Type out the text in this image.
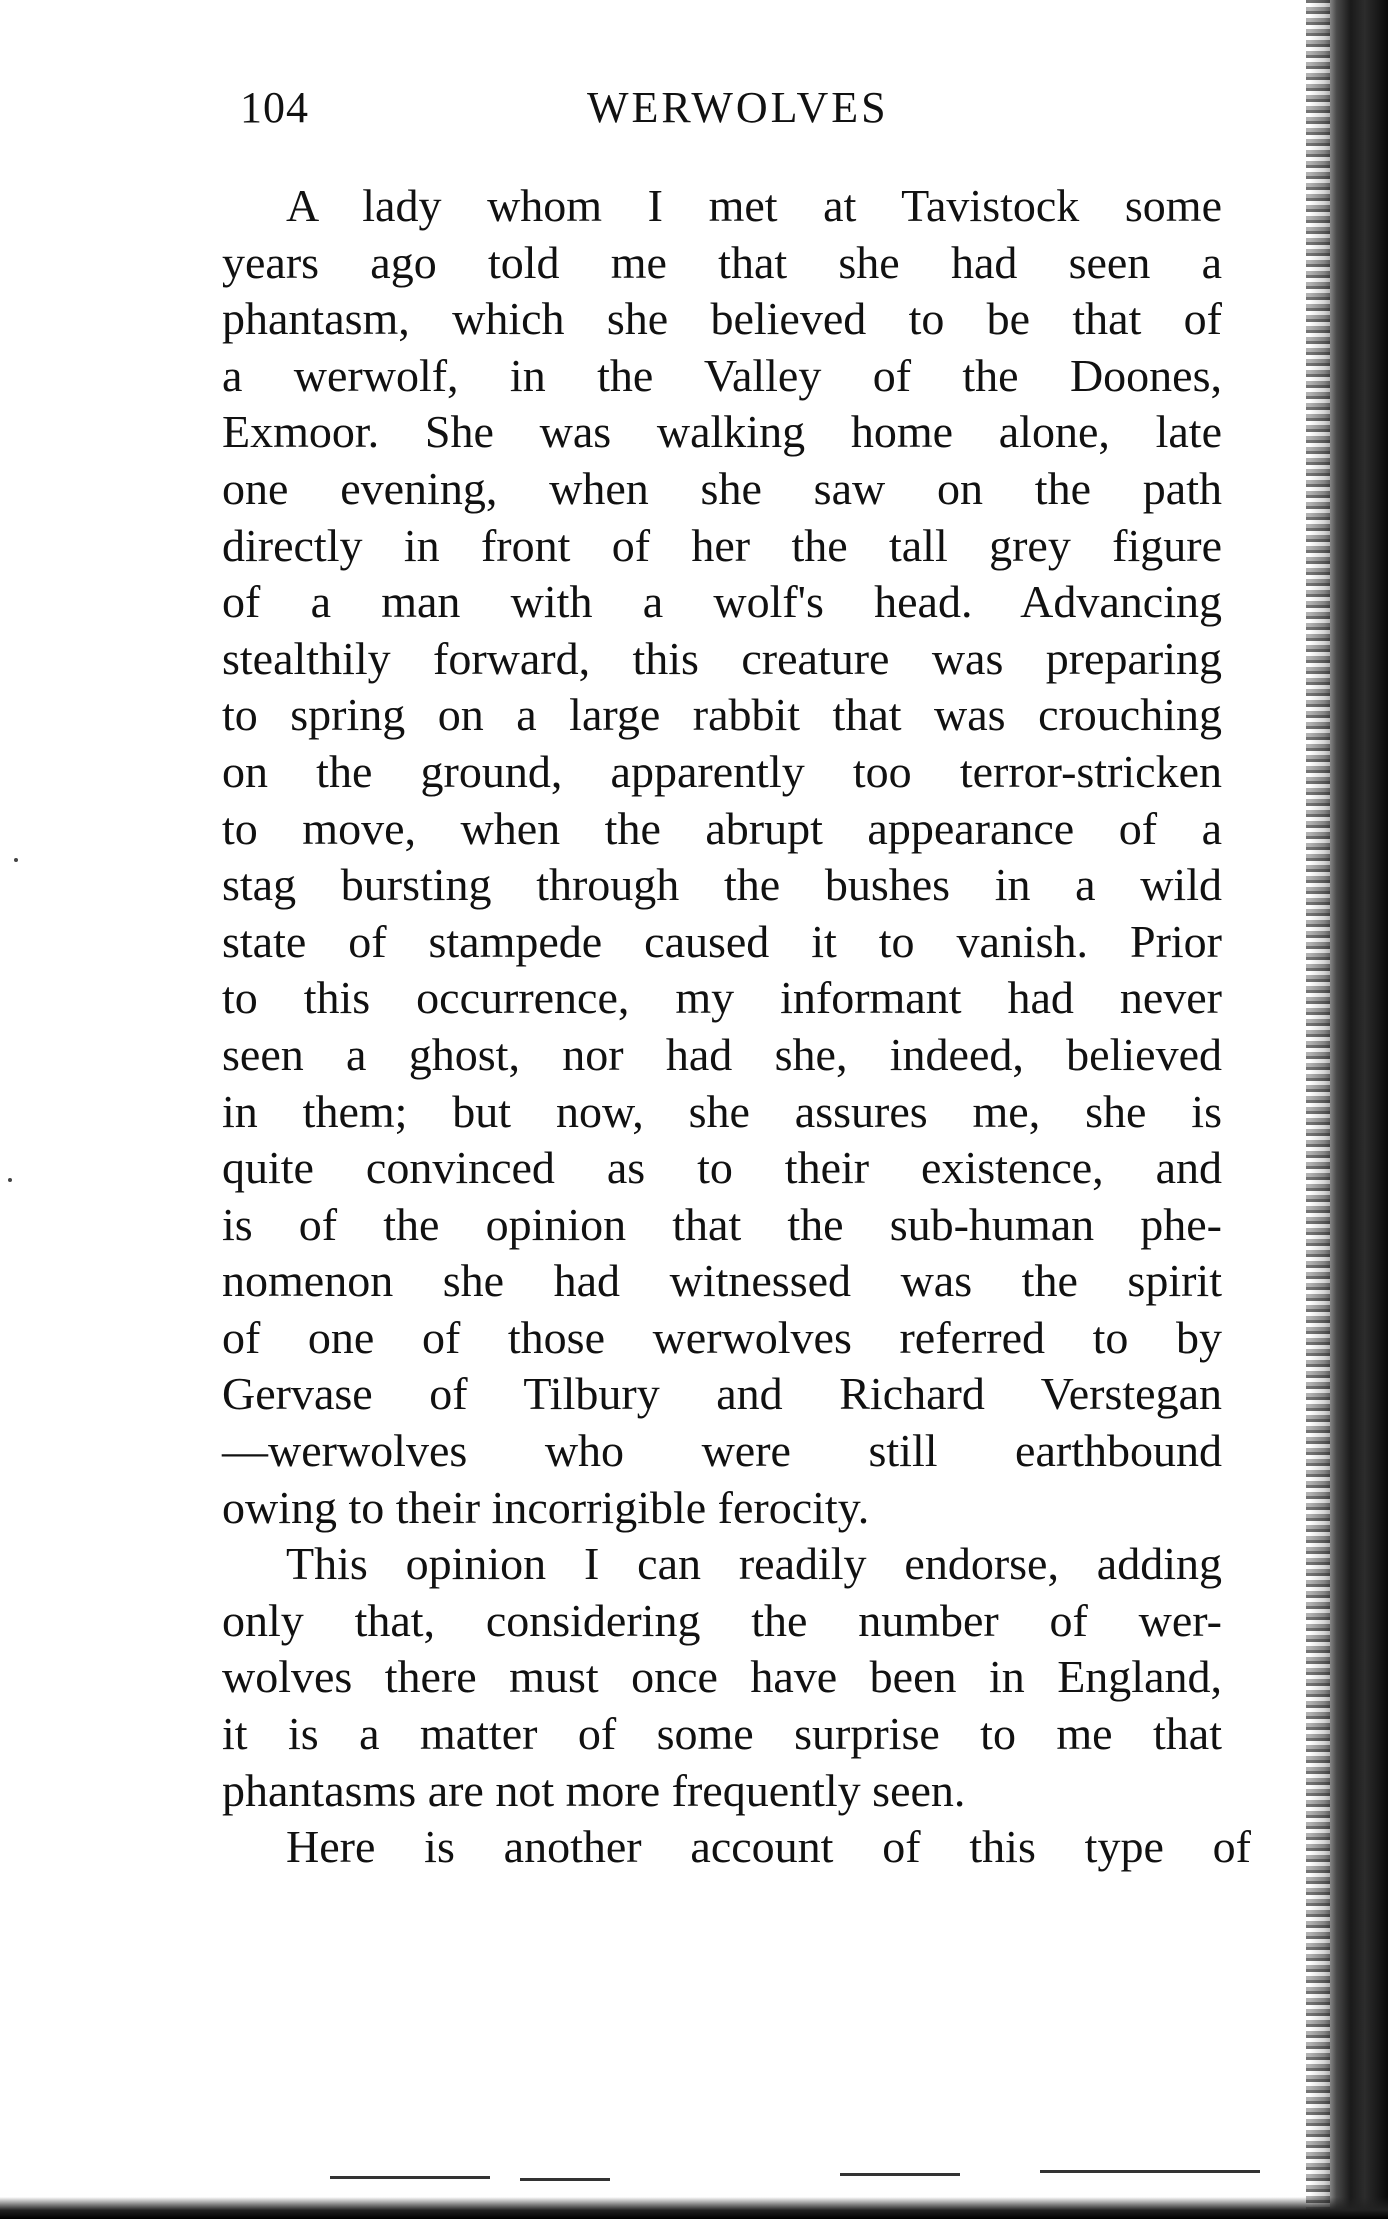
104	WERWOLVES
A lady whom I met at Tavistock some
years ago told me that she had seen a
phantasm, which she believed to be that of
a werwolf, in the Valley of the Doones,
Exmoor. She was walking home alone, late
one evening, when she saw on the path
directly in front of her the tall grey figure
of a man with a wolf's head. Advancing
stealthily forward, this creature was preparing
to spring on a large rabbit that was crouching
on the ground, apparently too terror-stricken
to move, when the abrupt appearance of a
stag bursting through the bushes in a wild
state of stampede caused it to vanish. Prior
to this occurrence, my informant had never
seen a ghost, nor had she, indeed, believed
in them; but now, she assures me, she is
quite convinced as to their existence, and
is of the opinion that the sub-human phe-
nomenon she had witnessed was the spirit
of one of those werwolves referred to by
Gervase of Tilbury and Richard Verstegan
—werwolves who were still earthbound
owing to their incorrigible ferocity.
This opinion I can readily endorse, adding
only that, considering the number of wer-
wolves there must once have been in England,
it is a matter of some surprise to me that
phantasms are not more frequently seen.
Here is another account of this type of
